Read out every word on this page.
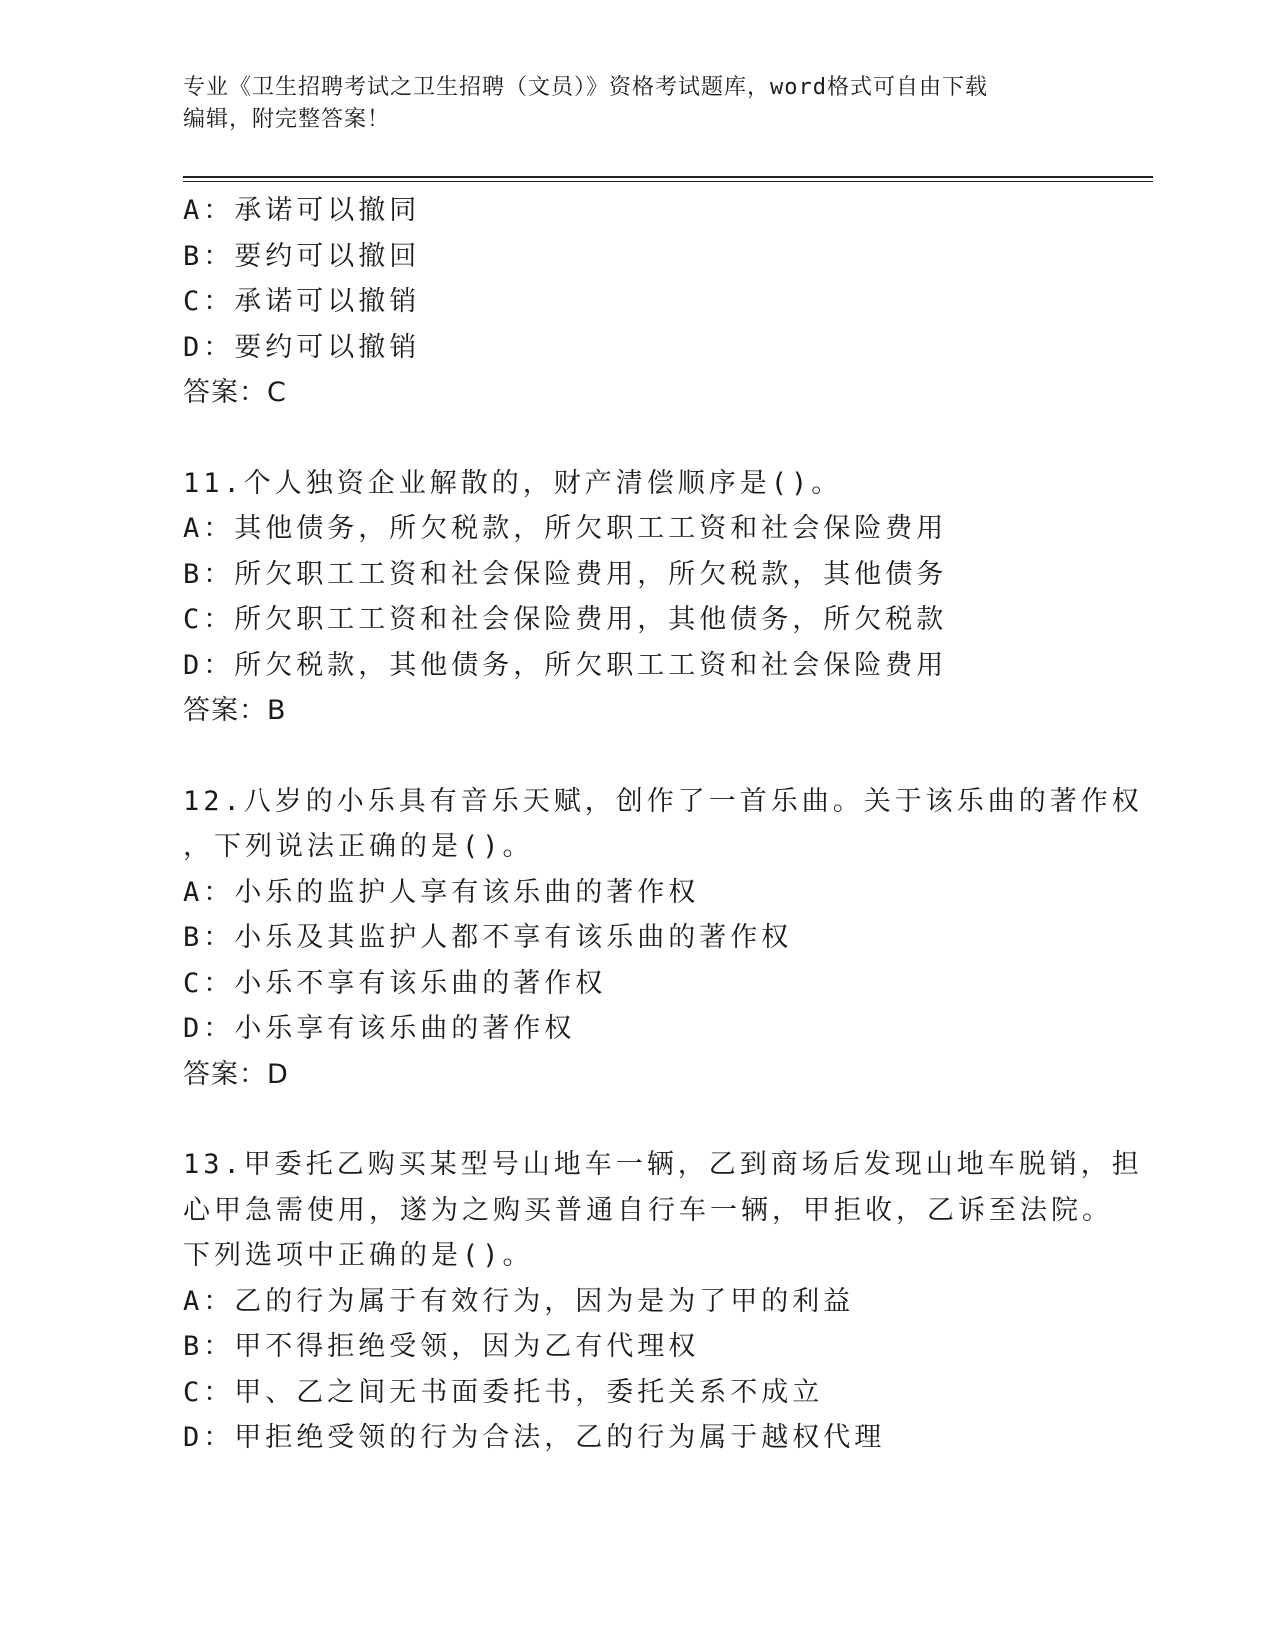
专业《卫生招聘考试之卫生招聘（文员）》资格考试题库，word格式可自由下载
编辑，附完整答案！
A：承诺可以撤同
B：要约可以撤回
C：承诺可以撤销
D：要约可以撤销
答案：C
11.个人独资企业解散的，财产清偿顺序是()。
A：其他债务，所欠税款，所欠职工工资和社会保险费用
B：所欠职工工资和社会保险费用，所欠税款，其他债务
C：所欠职工工资和社会保险费用，其他债务，所欠税款
D：所欠税款，其他债务，所欠职工工资和社会保险费用
答案：B
12.八岁的小乐具有音乐天赋，创作了一首乐曲。关于该乐曲的著作权
，下列说法正确的是()。
A：小乐的监护人享有该乐曲的著作权
B：小乐及其监护人都不享有该乐曲的著作权
C：小乐不享有该乐曲的著作权
D：小乐享有该乐曲的著作权
答案：D
13.甲委托乙购买某型号山地车一辆，乙到商场后发现山地车脱销，担
心甲急需使用，遂为之购买普通自行车一辆，甲拒收，乙诉至法院。
下列选项中正确的是()。
A：乙的行为属于有效行为，因为是为了甲的利益
B：甲不得拒绝受领，因为乙有代理权
C：甲、乙之间无书面委托书，委托关系不成立
D：甲拒绝受领的行为合法，乙的行为属于越权代理
